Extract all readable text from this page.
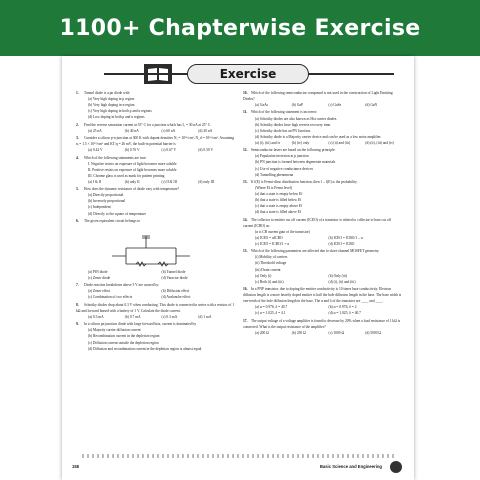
1100+ Chapterwise Exercise
Exercise
1. Tunnel diode is a pn diode with
(a) Very high doping in p region
(b) Very high doping in n region
(c) Very high doping in both p and n regions
(d) Low doping in both p and n regions
2. Find the reverse saturation current at 35° C for a junction which has I₀ = 30 nA at 25° C.
(a) 25 nA	(b) 40 nA	(c) 60 nA	(d) 20 nA
3. Consider a silicon p-n junction at 300 K with dopant densities Nₐ = 10¹⁶/cm³, N_d = 10¹⁶/cm³. Assuming nᵢ = 1.5 × 10¹⁰/cm³ and KT/q = 26 mV, the built-in potential barrier is
(a) 0.42 V	(b) 0.76 V	(c) 0.67 V	(d) 0.30 V
4. Which of the following statements are true:
I. Negative resists on exposure of light becomes more soluble
II. Positive resists on exposure of light becomes more soluble
III. Chrome glass is used as mask for pattern printing
(a) I & II	(b) only II	(c) II & III	(d) only III
5. How does the dynamic resistance of diode vary with temperature?
(a) Directly proportional
(b) Inversely proportional
(c) Independent
(d) Directly to the square of temperature
6. The given equivalent circuit belongs to
(a) PIN diode	(b) Tunnel diode
(c) Zener diode	(d) Varactor diode
7. Diode reaction breakdown above 5 V are caused by:
(a) Zener effect	(b) Diffusion effect
(c) Combination of two effects	(d) Avalanche effect
8. Schottky diodes drop about 0.3 V when conducting. This diode is connected in series with a resistor of 1 kΩ and forward biased with a battery of 1 V. Calculate the diode current.
(a) 0.3 mA	(b) 0.7 mA	(c) 0.3 mA	(d) 1 mA
9. In a silicon pn junction diode with large forward bias, current is dominated by
(a) Majority carrier diffusion current
(b) Recombination current in the depletion region
(c) Diffusion current outside the depletion region
(d) Diffusion and recombination current in the depletion region is almost equal
10. Which of the following semiconductor compound is not used in the construction of Light Emitting Diodes?
(a) GaAs	(b) GaP	(c) GaSe	(d) GaN
11. Which of the following statement is incorrect:
(a) Schottky diodes are also known as Hot carrier diodes.
(b) Schottky diodes have high reverse recovery time.
(c) Schottky diode has an PN Junction.
(d) Schottky diode is a Majority carrier device and can be used as a low noise amplifier.
(a) (i), (iii) and iv	(b) (iv) only	(c) (ii) and (iii)	(d) (ii), (iii) and (iv)
12. Semiconductor lasers are based on the following principle:
(a) Population inversion at p junction
(b) PN junction is formed between degenerate materials
(c) Use of negative conductance devices
(d) Tunnelling phenomena
13. If f(E) is Fermi-dirac distribution function, then 1 – f(E) is the probability.
(Where Ef is Fermi level)
(a) that a state is empty below Ef
(b) that a state is filled below Ef
(c) that a state is empty above Ef
(d) that a state is filled above Ef
14. The collector to emitter cut off current (ICEO) of a transistor is related to collector to base cut off current (ICBO) as:
(α is CB current gain of the transistor)
(a) ICEO = αICBO	(b) ICEO = ICBO/1 – α
(c) ICEO = ICBO/1 + α	(d) ICEO = ICBO
15. Which of the following parameters are affected due to short-channel MOSFET geometry.
(i) Mobility of carriers
(ii) Threshold voltage
(iii) Drain current
(a) Only (i)	(b) Only (iii)
(c) Both (i) and (iii)	(d) (i), (ii) and (iii)
16. In a PNP transistor, due to doping the emitter conductivity is 10 times base conductivity. Electron diffusion length is a more heavily doped emitter is half the hole diffusion length in the base. The base width is one-tenth of the hole diffusion length in the base. The α and δ of the transistor are ____ and ____.
(a) α = 0.976, δ = 40.7	(b) α = 0.976, δ = 2
(c) α = 1.025, δ = 4.1	(d) α = 1.025, δ = 40.7
17. The output voltage of a voltage amplifier is found to decrease by 20% when a load resistance of 1 kΩ is connected. What is the output resistance of the amplifier?
(a) 200 Ω	(b) 250 Ω	(c) 1000 Ω	(d) 5000 Ω
158	Basic Science and Engineering
